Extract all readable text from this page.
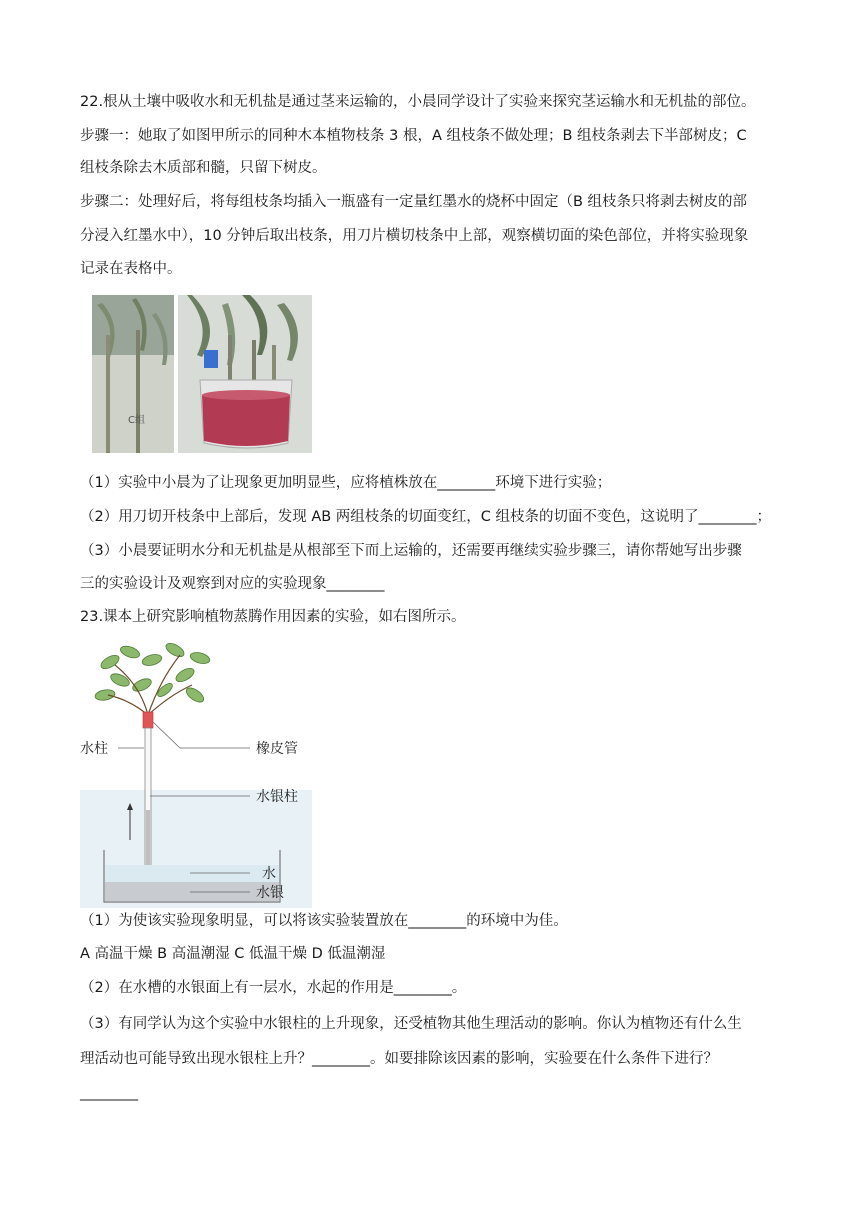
22.根从土壤中吸收水和无机盐是通过茎来运输的，小晨同学设计了实验来探究茎运输水和无机盐的部位。
步骤一：她取了如图甲所示的同种木本植物枝条 3 根，A 组枝条不做处理；B 组枝条剥去下半部树皮；C
组枝条除去木质部和髓，只留下树皮。
步骤二：处理好后，将每组枝条均插入一瓶盛有一定量红墨水的烧杯中固定（B 组枝条只将剥去树皮的部
分浸入红墨水中），10 分钟后取出枝条，用刀片横切枝条中上部，观察横切面的染色部位，并将实验现象
记录在表格中。
C组
（1）实验中小晨为了让现象更加明显些，应将植株放在________环境下进行实验；
（2）用刀切开枝条中上部后，发现 AB 两组枝条的切面变红，C 组枝条的切面不变色，这说明了________；
（3）小晨要证明水分和无机盐是从根部至下而上运输的，还需要再继续实验步骤三，请你帮她写出步骤
三的实验设计及观察到对应的实验现象________
23.课本上研究影响植物蒸腾作用因素的实验，如右图所示。
水柱	橡皮管
水银柱
水
水银
（1）为使该实验现象明显，可以将该实验装置放在________的环境中为佳。
A 高温干燥 B 高温潮湿 C 低温干燥 D 低温潮湿
（2）在水槽的水银面上有一层水，水起的作用是________。
（3）有同学认为这个实验中水银柱的上升现象，还受植物其他生理活动的影响。你认为植物还有什么生
理活动也可能导致出现水银柱上升？________。如要排除该因素的影响，实验要在什么条件下进行？
________
